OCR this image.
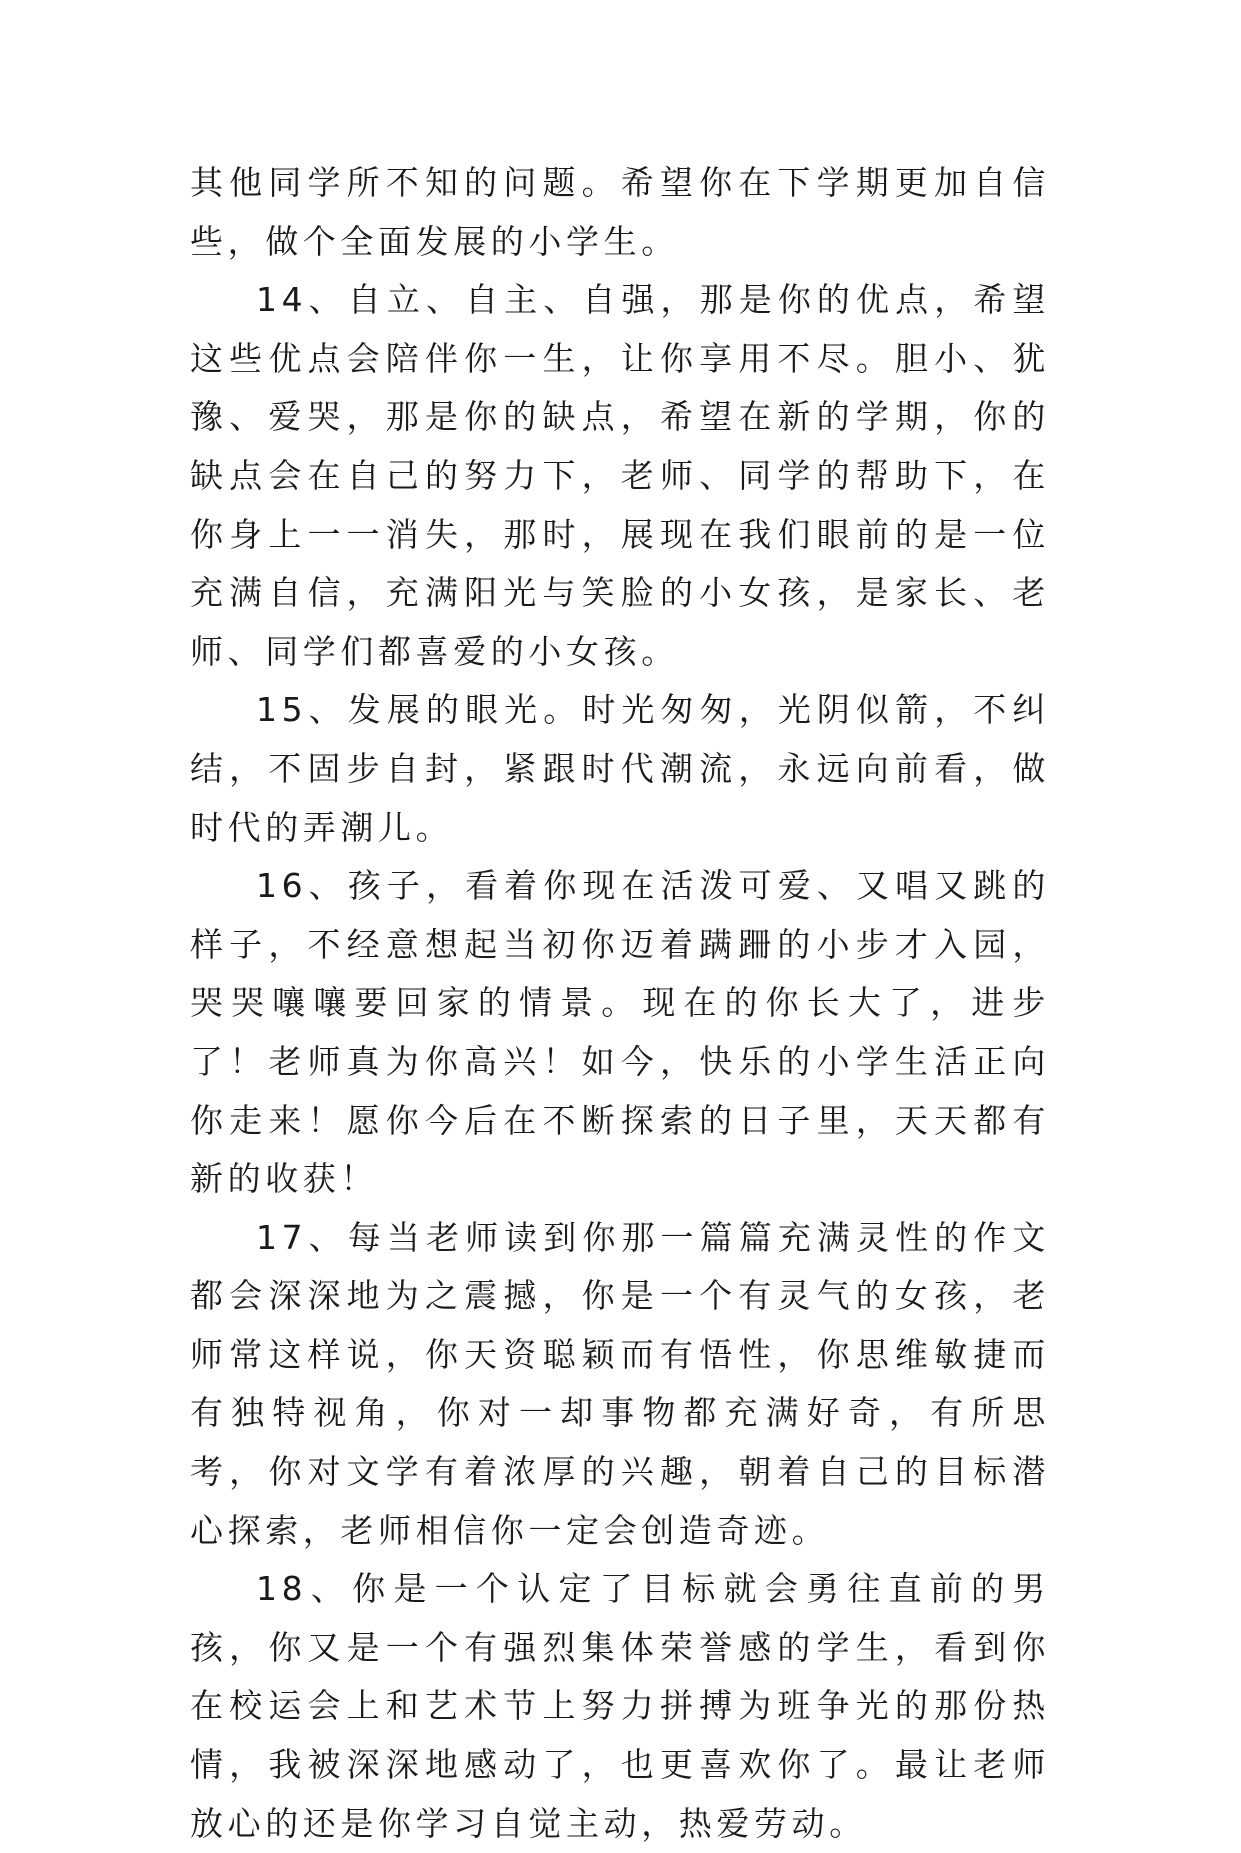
其他同学所不知的问题。希望你在下学期更加自信些，做个全面发展的小学生。

14、自立、自主、自强，那是你的优点，希望这些优点会陪伴你一生，让你享用不尽。胆小、犹豫、爱哭，那是你的缺点，希望在新的学期，你的缺点会在自己的努力下，老师、同学的帮助下，在你身上一一消失，那时，展现在我们眼前的是一位充满自信，充满阳光与笑脸的小女孩，是家长、老师、同学们都喜爱的小女孩。

15、发展的眼光。时光匆匆，光阴似箭，不纠结，不固步自封，紧跟时代潮流，永远向前看，做时代的弄潮儿。

16、孩子，看着你现在活泼可爱、又唱又跳的样子，不经意想起当初你迈着蹒跚的小步才入园，哭哭嚷嚷要回家的情景。现在的你长大了，进步了！老师真为你高兴！如今，快乐的小学生活正向你走来！愿你今后在不断探索的日子里，天天都有新的收获！

17、每当老师读到你那一篇篇充满灵性的作文都会深深地为之震撼，你是一个有灵气的女孩，老师常这样说，你天资聪颖而有悟性，你思维敏捷而有独特视角，你对一却事物都充满好奇，有所思考，你对文学有着浓厚的兴趣，朝着自己的目标潜心探索，老师相信你一定会创造奇迹。

18、你是一个认定了目标就会勇往直前的男孩，你又是一个有强烈集体荣誉感的学生，看到你在校运会上和艺术节上努力拼搏为班争光的那份热情，我被深深地感动了，也更喜欢你了。最让老师放心的还是你学习自觉主动，热爱劳动。
